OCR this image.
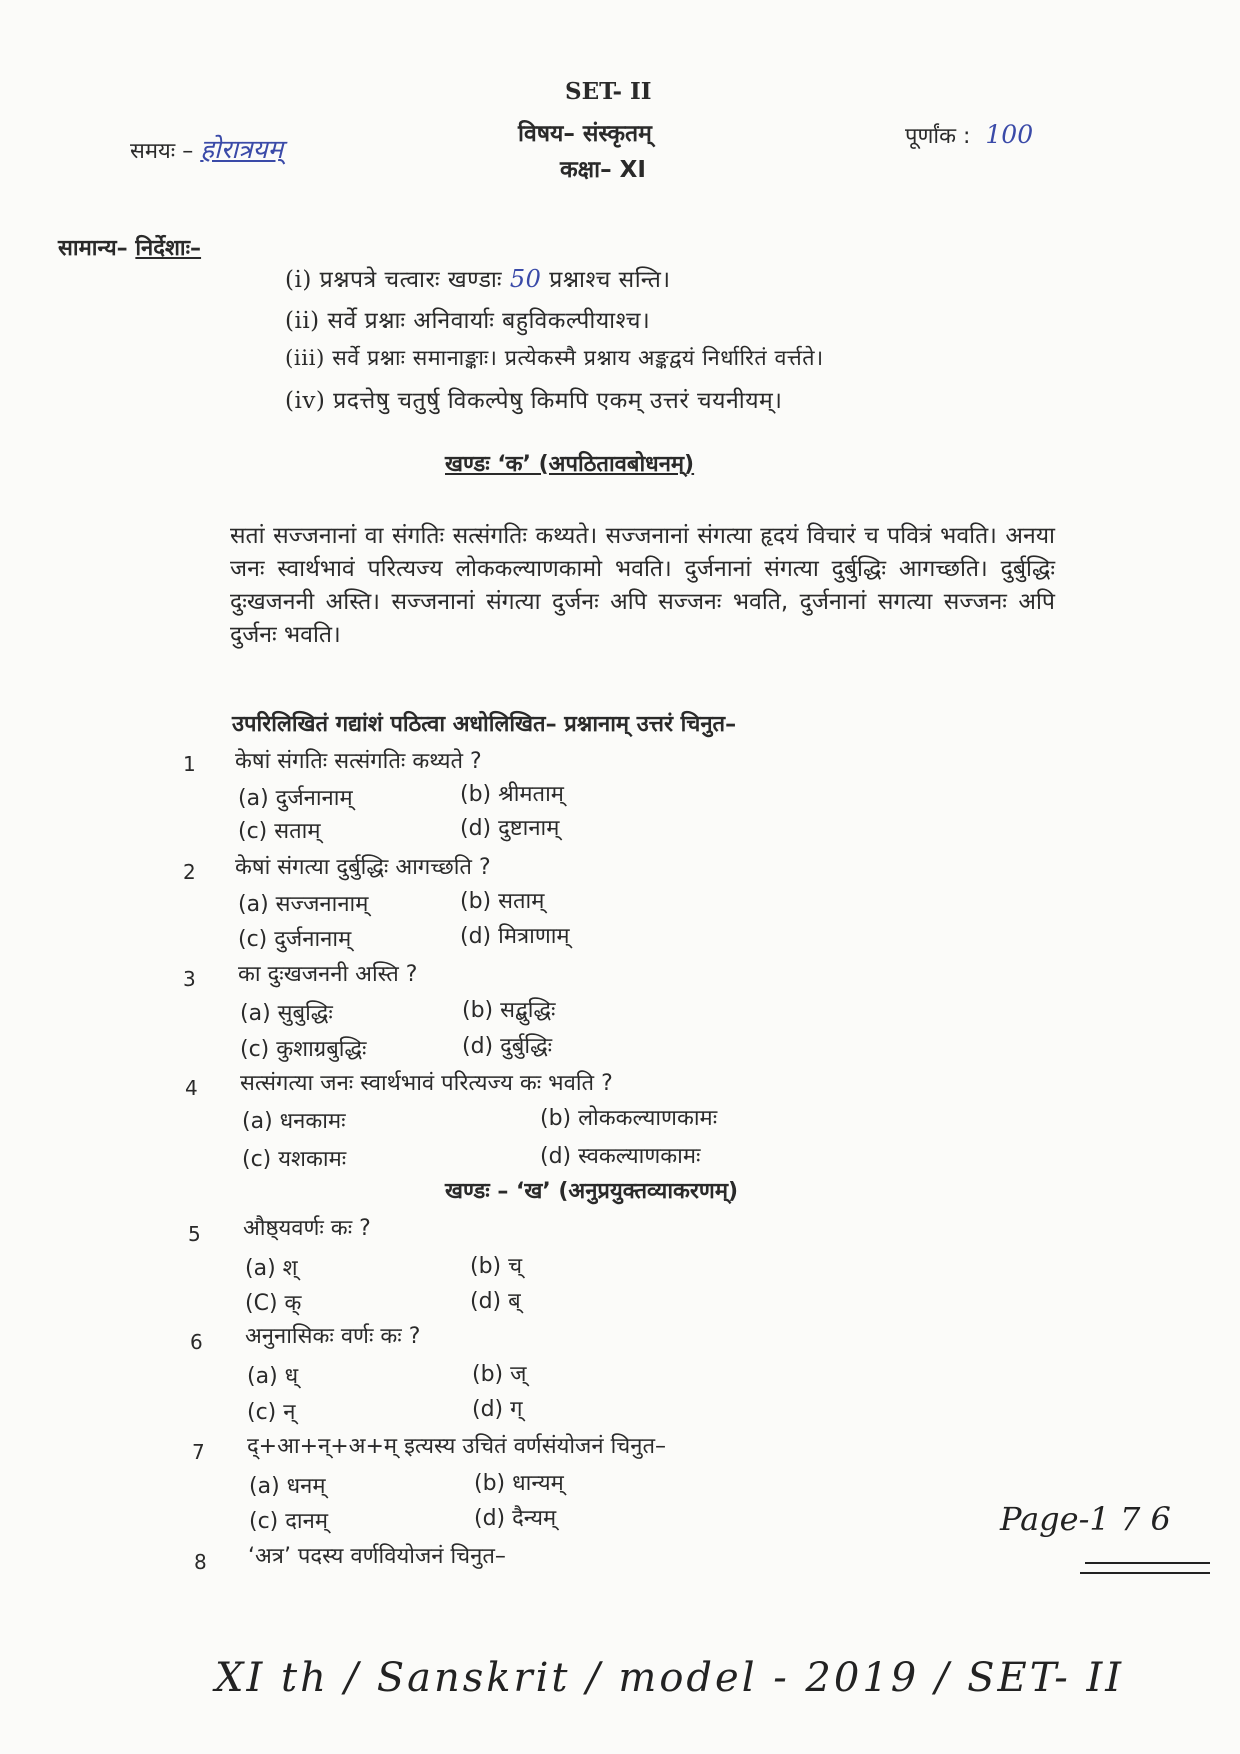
SET- II
विषय– संस्कृतम्
कक्षा– XI
समयः – होरात्रयम्	पूर्णांक : 100
सामान्य– निर्देशाः–
(i) प्रश्नपत्रे चत्वारः खण्डाः 50 प्रश्नाश्च सन्ति।
(ii) सर्वे प्रश्नाः अनिवार्याः बहुविकल्पीयाश्च।
(iii) सर्वे प्रश्नाः समानाङ्काः। प्रत्येकस्मै प्रश्नाय अङ्कद्वयं निर्धारितं वर्त्तते।
(iv) प्रदत्तेषु चतुर्षु विकल्पेषु किमपि एकम् उत्तरं चयनीयम्।
खण्डः ‘क’ (अपठितावबोधनम्)
सतां सज्जनानां वा संगतिः सत्संगतिः कथ्यते। सज्जनानां संगत्या हृदयं विचारं च पवित्रं भवति। अनया जनः स्वार्थभावं परित्यज्य लोककल्याणकामो भवति। दुर्जनानां संगत्या दुर्बुद्धिः आगच्छति। दुर्बुद्धिः दुःखजननी अस्ति। सज्जनानां संगत्या दुर्जनः अपि सज्जनः भवति, दुर्जनानां सगत्या सज्जनः अपि दुर्जनः भवति।
उपरिलिखितं गद्यांशं पठित्वा अधोलिखित– प्रश्नानाम् उत्तरं चिनुत–
1 केषां संगतिः सत्संगतिः कथ्यते ?
(a) दुर्जनानाम्	(b) श्रीमताम्
(c) सताम्	(d) दुष्टानाम्
2 केषां संगत्या दुर्बुद्धिः आगच्छति ?
(a) सज्जनानाम्	(b) सताम्
(c) दुर्जनानाम्	(d) मित्राणाम्
3 का दुःखजननी अस्ति ?
(a) सुबुद्धिः	(b) सद्बुद्धिः
(c) कुशाग्रबुद्धिः	(d) दुर्बुद्धिः
4 सत्संगत्या जनः स्वार्थभावं परित्यज्य कः भवति ?
(a) धनकामः	(b) लोककल्याणकामः
(c) यशकामः	(d) स्वकल्याणकामः
खण्डः – ‘ख’ (अनुप्रयुक्तव्याकरणम्)
5 औष्ठ्यवर्णः कः ?
(a) श्	(b) च्
(C) क्	(d) ब्
6 अनुनासिकः वर्णः कः ?
(a) ध्	(b) ज्
(c) न्	(d) ग्
7 द्+आ+न्+अ+म् इत्यस्य उचितं वर्णसंयोजनं चिनुत–
(a) धनम्	(b) धान्यम्
(c) दानम्	(d) दैन्यम्
8 ‘अत्र’ पदस्य वर्णवियोजनं चिनुत–
Page-1 7 6
XI th / Sanskrit / model - 2019 / SET- II
